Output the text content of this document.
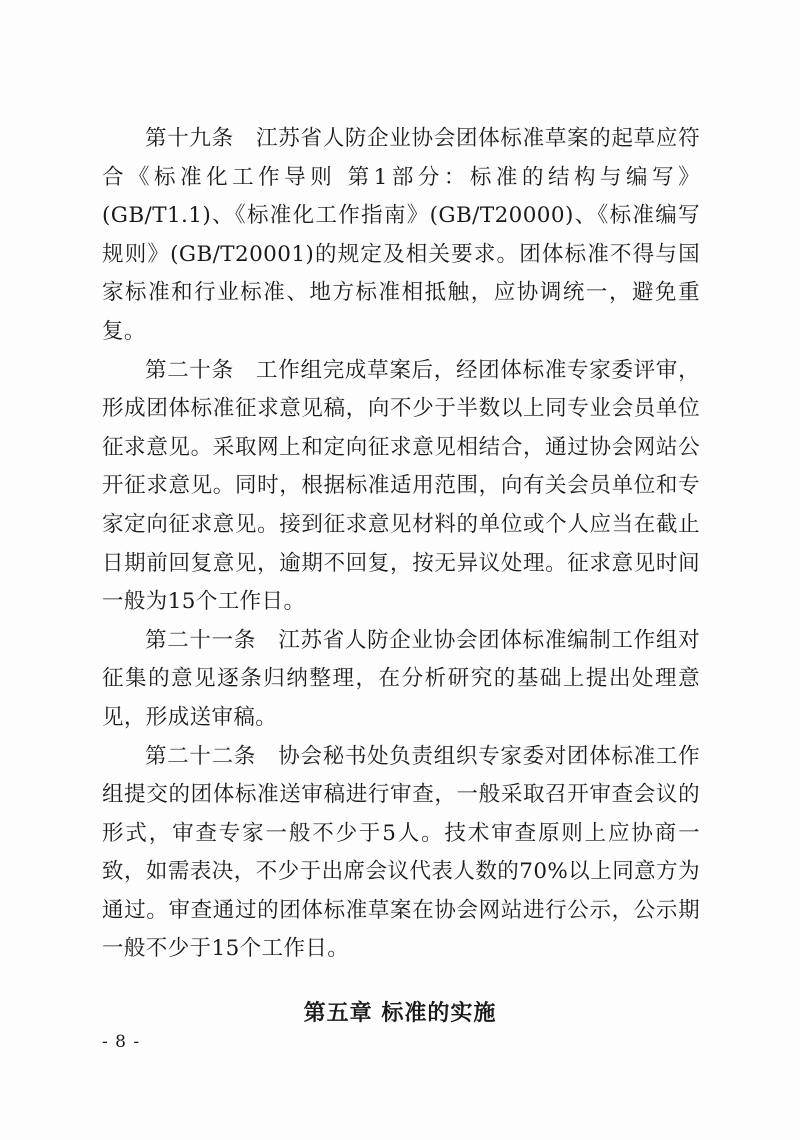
第十九条　江苏省人防企业协会团体标准草案的起草应符合《标准化工作导则 第1部分：标准的结构与编写》(GB/T1.1)、《标准化工作指南》(GB/T20000)、《标准编写规则》(GB/T20001)的规定及相关要求。团体标准不得与国家标准和行业标准、地方标准相抵触，应协调统一，避免重复。

第二十条　工作组完成草案后，经团体标准专家委评审，形成团体标准征求意见稿，向不少于半数以上同专业会员单位征求意见。采取网上和定向征求意见相结合，通过协会网站公开征求意见。同时，根据标准适用范围，向有关会员单位和专家定向征求意见。接到征求意见材料的单位或个人应当在截止日期前回复意见，逾期不回复，按无异议处理。征求意见时间一般为15个工作日。

第二十一条　江苏省人防企业协会团体标准编制工作组对征集的意见逐条归纳整理，在分析研究的基础上提出处理意见，形成送审稿。

第二十二条　协会秘书处负责组织专家委对团体标准工作组提交的团体标准送审稿进行审查，一般采取召开审查会议的形式，审查专家一般不少于5人。技术审查原则上应协商一致，如需表决，不少于出席会议代表人数的70%以上同意方为通过。审查通过的团体标准草案在协会网站进行公示，公示期一般不少于15个工作日。

第五章 标准的实施
- 8 -
